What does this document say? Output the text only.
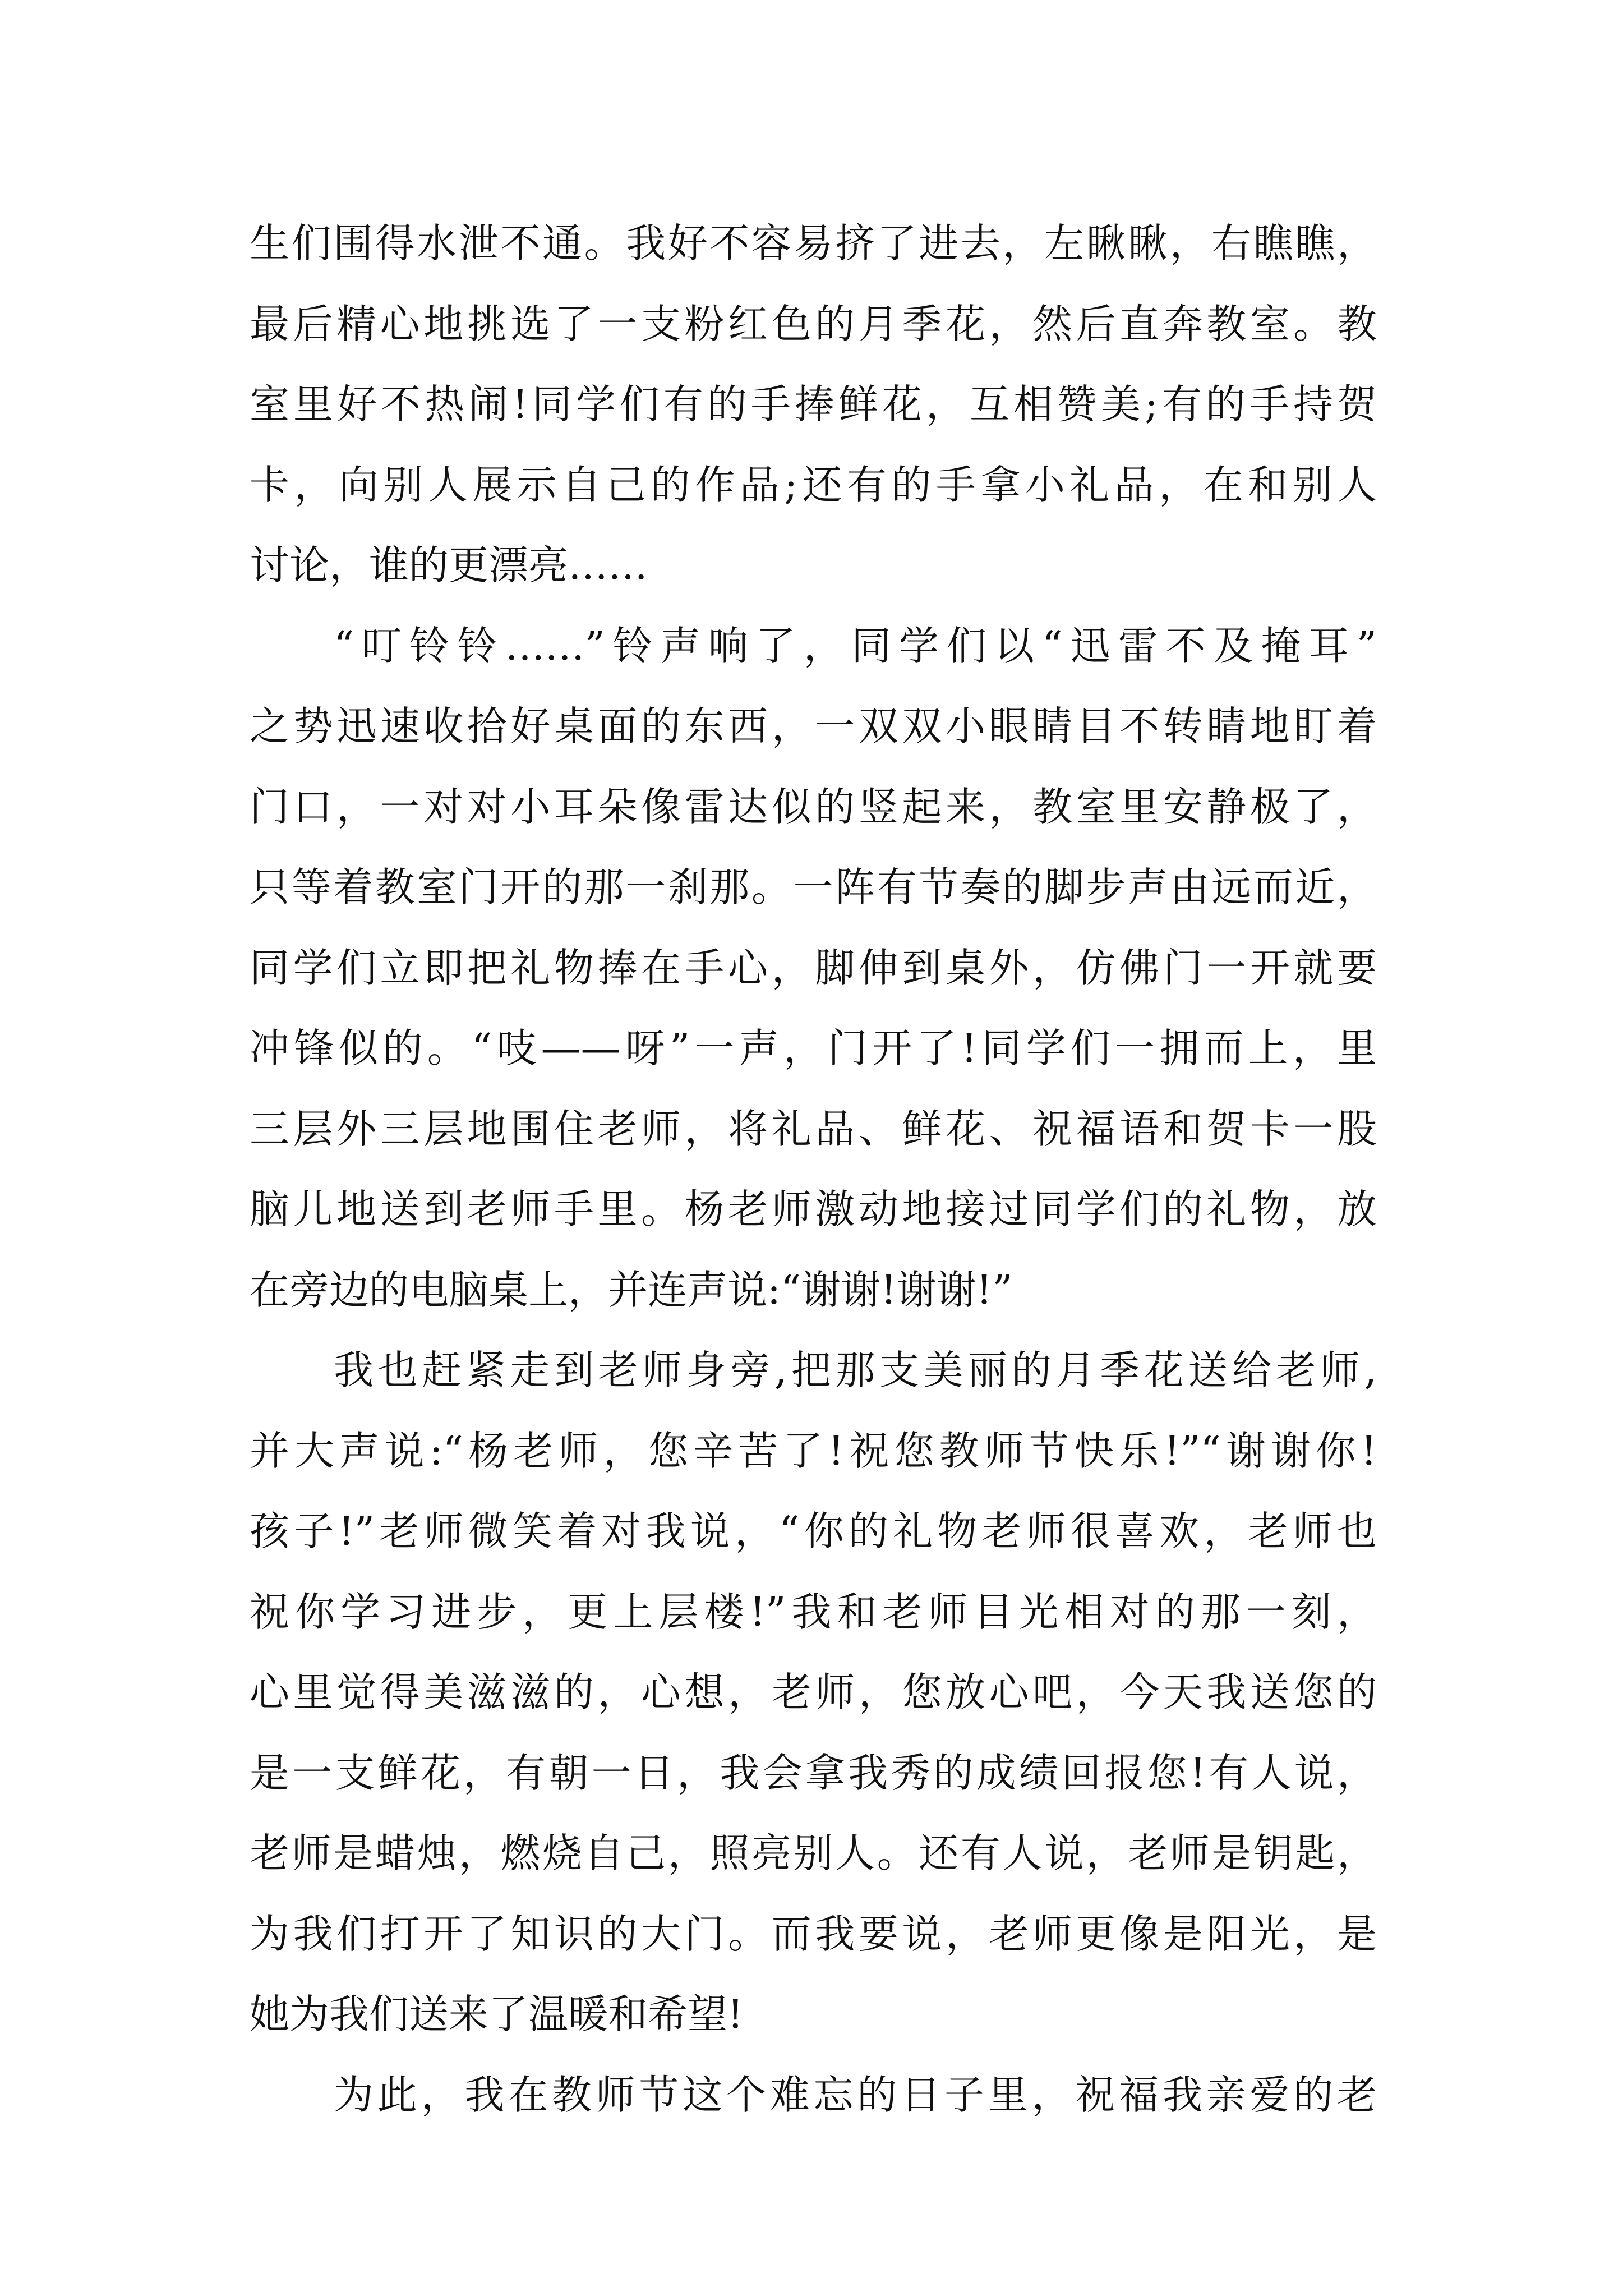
生们围得水泄不通。我好不容易挤了进去，左瞅瞅，右瞧瞧，
最后精心地挑选了一支粉红色的月季花，然后直奔教室。教
室里好不热闹!同学们有的手捧鲜花，互相赞美;有的手持贺
卡，向别人展示自己的作品;还有的手拿小礼品，在和别人
讨论，谁的更漂亮……
“叮铃铃……”铃声响了，同学们以“迅雷不及掩耳”
之势迅速收拾好桌面的东西，一双双小眼睛目不转睛地盯着
门口，一对对小耳朵像雷达似的竖起来，教室里安静极了，
只等着教室门开的那一刹那。一阵有节奏的脚步声由远而近，
同学们立即把礼物捧在手心，脚伸到桌外，仿佛门一开就要
冲锋似的。“吱——呀”一声，门开了!同学们一拥而上，里
三层外三层地围住老师，将礼品、鲜花、祝福语和贺卡一股
脑儿地送到老师手里。杨老师激动地接过同学们的礼物，放
在旁边的电脑桌上，并连声说:“谢谢!谢谢!”
我也赶紧走到老师身旁,把那支美丽的月季花送给老师,
并大声说:“杨老师，您辛苦了!祝您教师节快乐!”“谢谢你!
孩子!”老师微笑着对我说，“你的礼物老师很喜欢，老师也
祝你学习进步，更上层楼!”我和老师目光相对的那一刻，
心里觉得美滋滋的，心想，老师，您放心吧，今天我送您的
是一支鲜花，有朝一日，我会拿我秀的成绩回报您!有人说，
老师是蜡烛，燃烧自己，照亮别人。还有人说，老师是钥匙，
为我们打开了知识的大门。而我要说，老师更像是阳光，是
她为我们送来了温暖和希望!
为此，我在教师节这个难忘的日子里，祝福我亲爱的老
